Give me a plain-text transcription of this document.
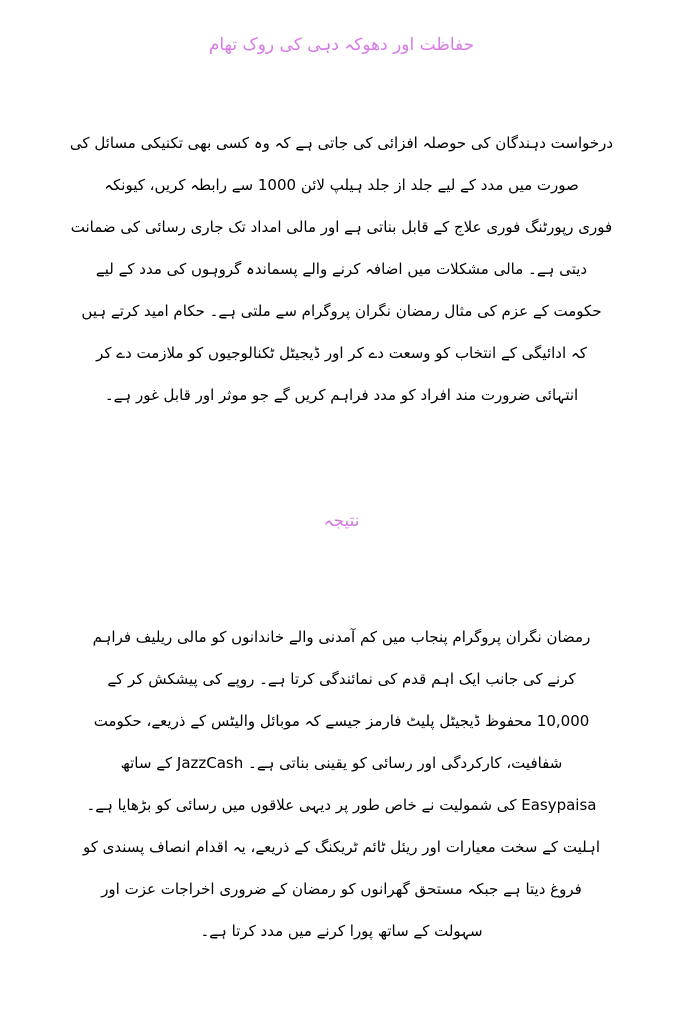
حفاظت اور دھوکہ دہی کی روک تھام
درخواست دہندگان کی حوصلہ افزائی کی جاتی ہے کہ وہ کسی بھی تکنیکی مسائل کی
صورت میں مدد کے لیے جلد از جلد ہیلپ لائن 1000 سے رابطہ کریں، کیونکہ
فوری رپورٹنگ فوری علاج کے قابل بناتی ہے اور مالی امداد تک جاری رسائی کی ضمانت
دیتی ہے۔ مالی مشکلات میں اضافہ کرنے والے پسماندہ گروہوں کی مدد کے لیے
حکومت کے عزم کی مثال رمضان نگران پروگرام سے ملتی ہے۔ حکام امید کرتے ہیں
کہ ادائیگی کے انتخاب کو وسعت دے کر اور ڈیجیٹل ٹکنالوجیوں کو ملازمت دے کر
انتہائی ضرورت مند افراد کو مدد فراہم کریں گے جو موثر اور قابل غور ہے۔
نتیجہ
رمضان نگران پروگرام پنجاب میں کم آمدنی والے خاندانوں کو مالی ریلیف فراہم
کرنے کی جانب ایک اہم قدم کی نمائندگی کرتا ہے۔ روپے کی پیشکش کر کے
10,000 محفوظ ڈیجیٹل پلیٹ فارمز جیسے کہ موبائل والیٹس کے ذریعے، حکومت
شفافیت، کارکردگی اور رسائی کو یقینی بناتی ہے۔ JazzCash کے ساتھ
Easypaisa کی شمولیت نے خاص طور پر دیہی علاقوں میں رسائی کو بڑھایا ہے۔
اہلیت کے سخت معیارات اور ریئل ٹائم ٹریکنگ کے ذریعے، یہ اقدام انصاف پسندی کو
فروغ دیتا ہے جبکہ مستحق گھرانوں کو رمضان کے ضروری اخراجات عزت اور
سہولت کے ساتھ پورا کرنے میں مدد کرتا ہے۔
